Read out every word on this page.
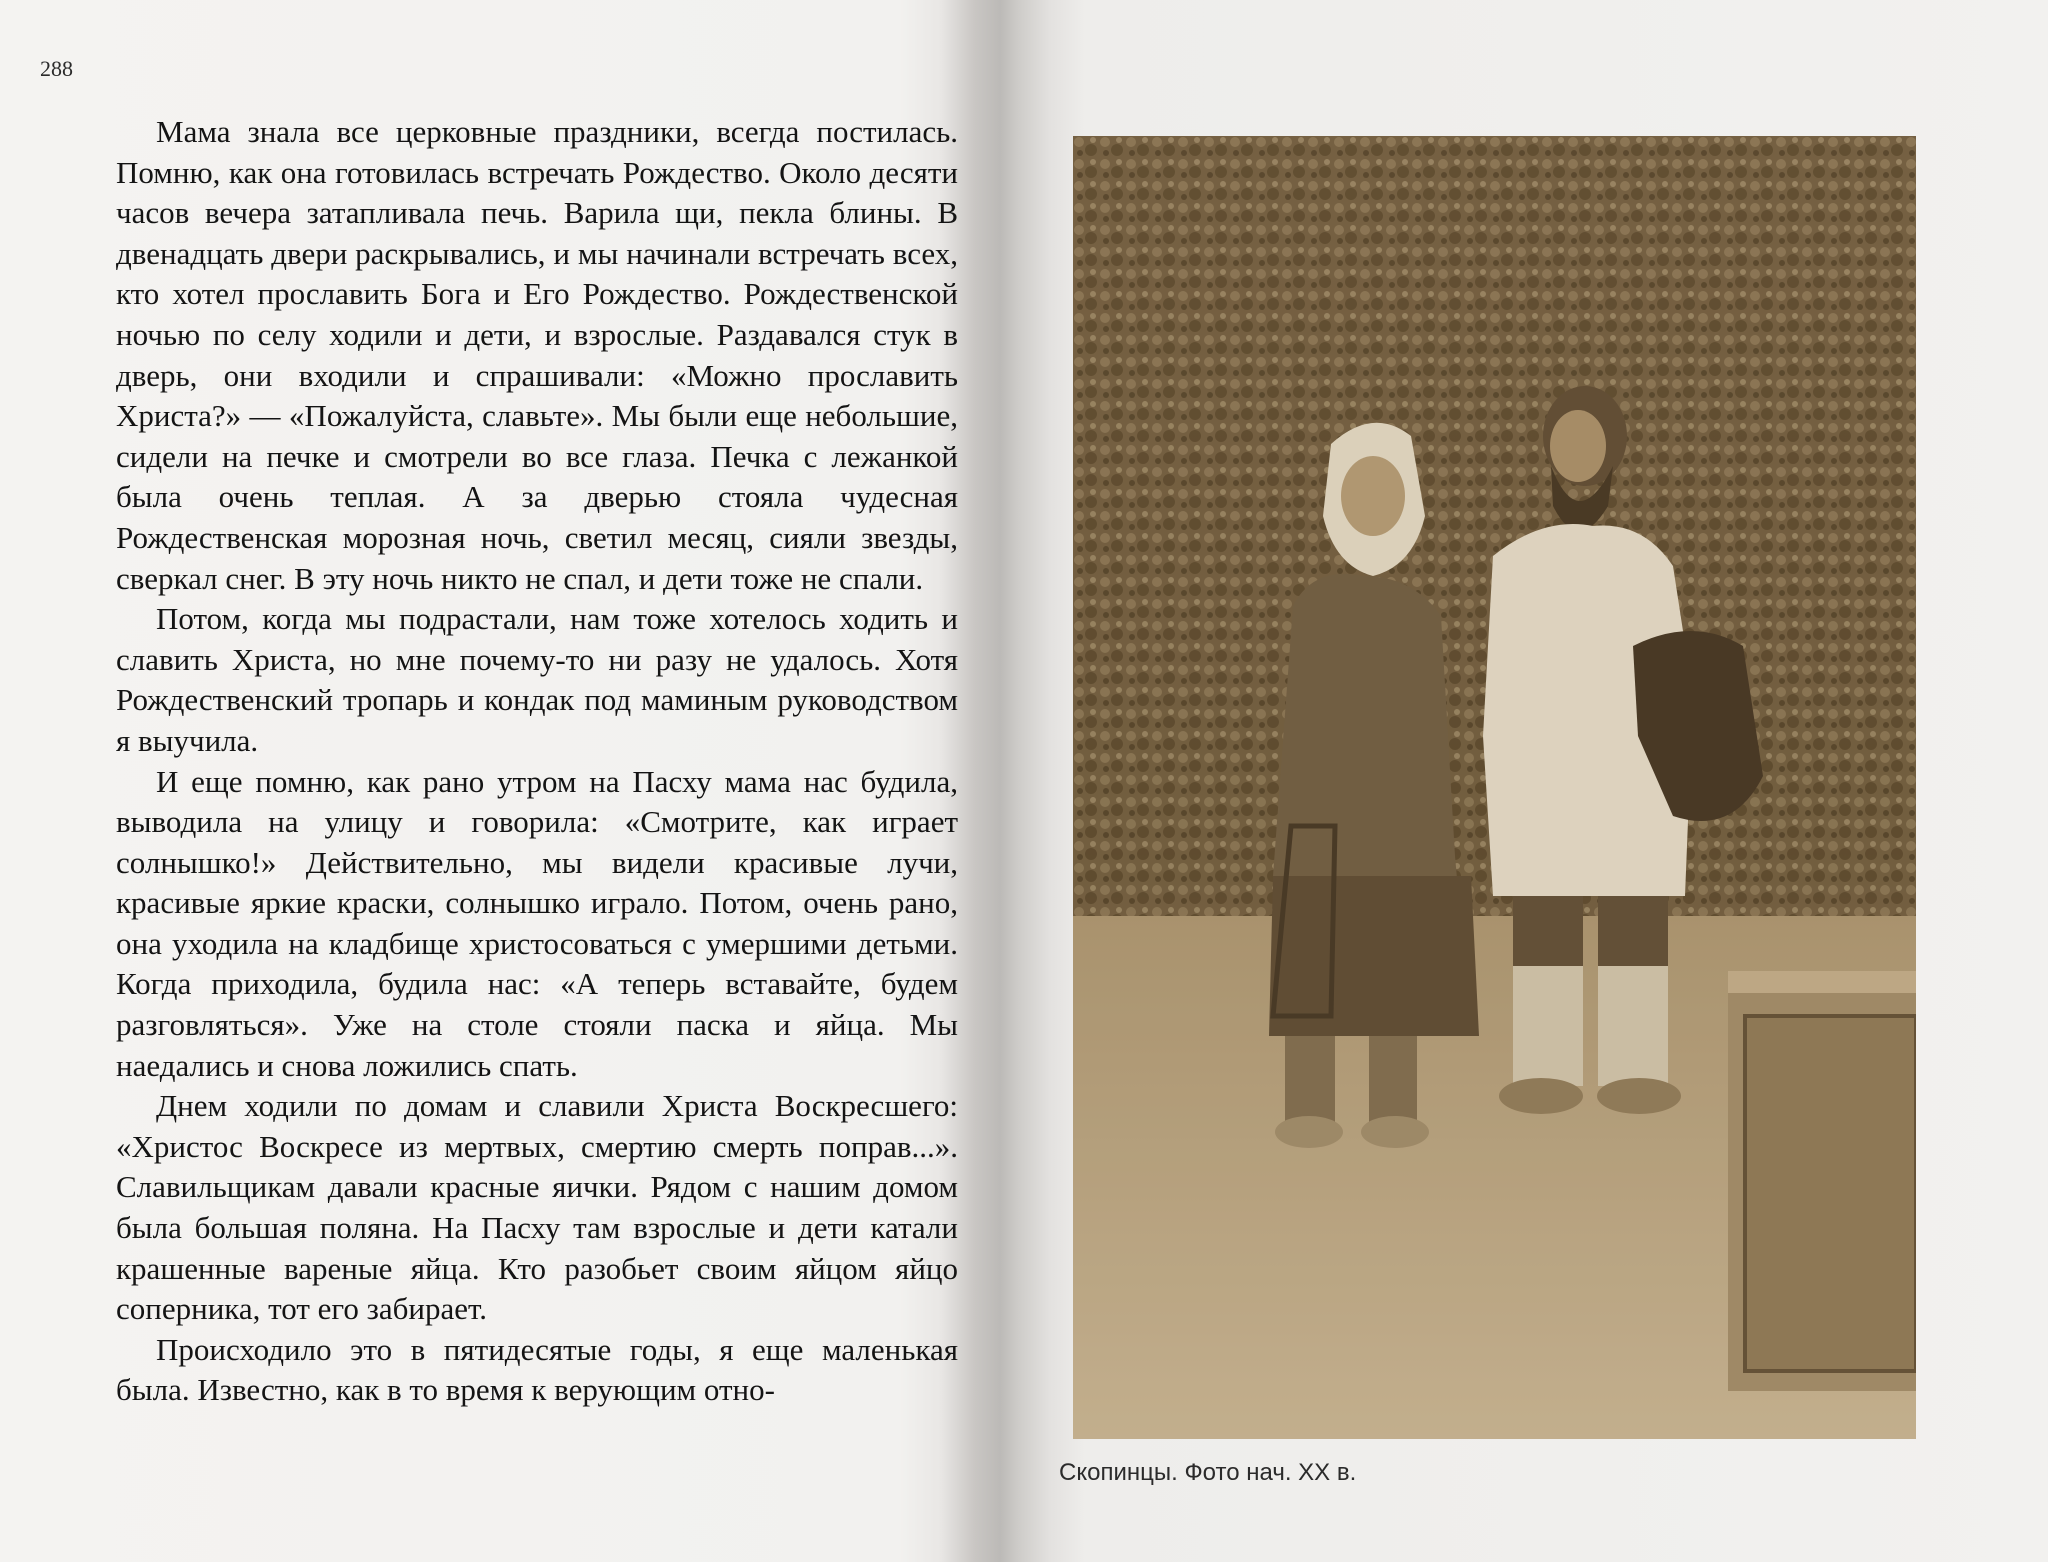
288

Мама знала все церковные праздники, всегда постилась. Помню, как она готовилась встречать Рождество. Около десяти часов вечера затапливала печь. Варила щи, пекла блины. В двенадцать двери раскрывались, и мы начинали встречать всех, кто хотел прославить Бога и Его Рождество. Рождественской ночью по селу ходили и дети, и взрослые. Раздавался стук в дверь, они входили и спрашивали: «Можно прославить Христа?» — «Пожалуйста, славьте». Мы были еще небольшие, сидели на печке и смотрели во все глаза. Печка с лежанкой была очень теплая. А за дверью стояла чудесная Рождественская морозная ночь, светил месяц, сияли звезды, сверкал снег. В эту ночь никто не спал, и дети тоже не спали.

Потом, когда мы подрастали, нам тоже хотелось ходить и славить Христа, но мне почему-то ни разу не удалось. Хотя Рождественский тропарь и кондак под маминым руководством я выучила.

И еще помню, как рано утром на Пасху мама нас будила, выводила на улицу и говорила: «Смотрите, как играет солнышко!» Действительно, мы видели красивые лучи, красивые яркие краски, солнышко играло. Потом, очень рано, она уходила на кладбище христосоваться с умершими детьми. Когда приходила, будила нас: «А теперь вставайте, будем разговляться». Уже на столе стояли паска и яйца. Мы наедались и снова ложились спать.

Днем ходили по домам и славили Христа Воскресшего: «Христос Воскресе из мертвых, смертию смерть поправ...». Славильщикам давали красные яички. Рядом с нашим домом была большая поляна. На Пасху там взрослые и дети катали крашенные вареные яйца. Кто разобьет своим яйцом яйцо соперника, тот его забирает.

Происходило это в пятидесятые годы, я еще маленькая была. Известно, как в то время к верующим отно-

Скопинцы. Фото нач. XX в.
